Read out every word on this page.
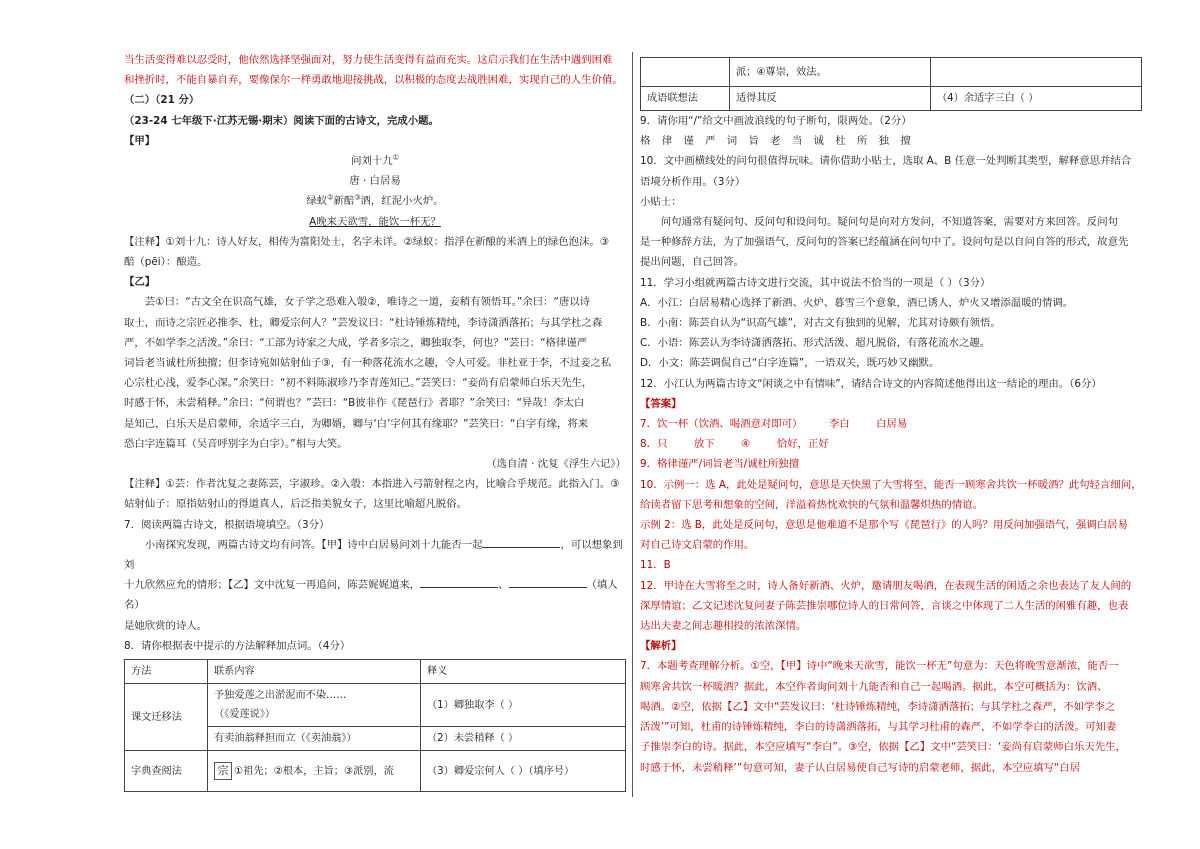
当生活变得难以忍受时，他依然选择坚强面对，努力使生活变得有益而充实。这启示我们在生活中遇到困难

和挫折时，不能自暴自弃，要像保尔一样勇敢地迎接挑战，以积极的态度去战胜困难，实现自己的人生价值。

（二）（21 分）

（23-24 七年级下·江苏无锡·期末）阅读下面的古诗文，完成小题。

【甲】

问刘十九①

唐 · 白居易

绿蚁②新醅③酒，红泥小火炉。

A晚来天欲雪，能饮一杯无？

【注释】①刘十九：诗人好友，相传为富阳处士，名字未详。②绿蚁：指浮在新酿的米酒上的绿色泡沫。③

醅（pēi）：酿造。

【乙】

芸①曰：“古文全在识高气雄，女子学之恐难入彀②，唯诗之一道，妾稍有领悟耳。”余曰：“唐以诗

取士，而诗之宗匠必推李、杜，卿爱宗何人？”芸发议曰：“杜诗锤炼精纯，李诗潇洒落拓；与其学杜之森

严，不如学李之活泼。”余曰：“工部为诗家之大成，学者多宗之，卿独取李，何也？”芸曰：“格律谨严

词旨老当诚杜所独擅；但李诗宛如姑射仙子③，有一种落花流水之趣，令人可爱。非杜亚于李，不过妾之私

心宗杜心浅，爱李心深。”余笑曰：“初不料陈淑珍乃李青莲知己。”芸笑曰：“妾尚有启蒙师白乐天先生，

时感于怀，未尝稍释。”余曰：“何谓也？”芸曰：“B彼非作《琵琶行》者耶？”余笑曰：“异哉！李太白

是知己，白乐天是启蒙师，余适字三白，为卿婿，卿与‘白’字何其有缘耶？”芸笑曰：“白字有缘，将来

恐白字连篇耳（吴音呼别字为白字）。”相与大笑。

（选自清 · 沈复《浮生六记》）

【注释】①芸：作者沈复之妻陈芸，字淑珍。②入彀：本指进入弓箭射程之内，比喻合乎规范。此指入门。③

姑射仙子：原指姑射山的得道真人，后泛指美貌女子，这里比喻超凡脱俗。

7．阅读两篇古诗文，根据语境填空。（3分）

小南探究发现，两篇古诗文均有问答。【甲】诗中白居易问刘十九能否一起	，可以想象到刘

十九欣然应允的情形；【乙】文中沈复一再追问，陈芸娓娓道来，	、	（填人名）

是她欣赏的诗人。

8．请你根据表中提示的方法解释加点词。（4分）

方法	联系内容	释义
课文迁移法	予独爱莲之出淤泥而不染……
（《爱莲说》）	（1）卿独取李（ ）
	有卖油翁释担而立（《卖油翁》）	（2）未尝稍释（ ）
字典查阅法	宗 ①祖先；②根本，主旨；③派别，流	（3）卿爱宗何人（ ）（填序号）
	派；④尊崇，效法。	
成语联想法	适得其反	（4）余适字三白（ ）

9．请你用“/”给文中画波浪线的句子断句，限两处。（2分）

格 律 谨 严 词 旨 老 当 诚 杜 所 独 擅

10．文中画横线处的问句很值得玩味。请你借助小贴士，选取 A、B 任意一处判断其类型，解释意思并结合

语境分析作用。（3分）

小贴士：

问句通常有疑问句、反问句和设问句。疑问句是向对方发问，不知道答案，需要对方来回答。反问句

是一种修辞方法，为了加强语气，反问句的答案已经蕴涵在问句中了。设问句是以自问自答的形式，故意先

提出问题，自己回答。

11．学习小组就两篇古诗文进行交流，其中说法不恰当的一项是（ ）（3分）

A．小江：白居易精心选择了新酒、火炉、暮雪三个意象，酒已诱人，炉火又增添温暖的情调。

B．小南：陈芸自认为“识高气雄”，对古文有独到的见解，尤其对诗颇有领悟。

C．小语：陈芸认为李诗潇洒落拓、形式活泼、超凡脱俗，有落花流水之趣。

D．小文：陈芸调侃自己“白字连篇”，一语双关，既巧妙又幽默。

12．小江认为两篇古诗文“闲谈之中有情味”，请结合诗文的内容简述他得出这一结论的理由。（6分）

【答案】

7．饮一杯（饮酒、喝酒意对即可）        李白        白居易

8．只        放下        ④        恰好，正好

9．格律谨严/词旨老当/诚杜所独擅

10．示例一：选 A，此处是疑问句，意思是天快黑了大雪将至，能否一顾寒舍共饮一杯暖酒？此句轻言细问，

给读者留下思考和想象的空间，洋溢着热忱欢快的气氛和温馨炽热的情谊。

示例 2：选 B，此处是反问句，意思是他难道不是那个写《琵琶行》的人吗？用反问加强语气，强调白居易

对自己诗文启蒙的作用。

11．B

12．甲诗在大雪将至之时，诗人备好新酒、火炉，邀请朋友喝酒，在表现生活的闲适之余也表达了友人间的

深厚情谊；乙文记述沈复问妻子陈芸推崇哪位诗人的日常问答，言谈之中体现了二人生活的闲雅有趣，也表

达出夫妻之间志趣相投的浓浓深情。

【解析】

7．本题考查理解分析。①空，【甲】诗中“晚来天欲雪，能饮一杯无”句意为：天色将晚雪意渐浓，能否一

顾寒舍共饮一杯暖酒？据此，本空作者询问刘十九能否和自己一起喝酒。据此，本空可概括为：饮酒、

喝酒。②空，依据【乙】文中“芸发议曰：‘杜诗锤炼精纯，李诗潇洒落拓；与其学杜之森严，不如学李之

活泼’”可知，杜甫的诗锤炼精纯，李白的诗潇洒落拓，与其学习杜甫的森严，不如学李白的活泼。可知妻

子推崇李白的诗。据此，本空应填写“李白”。③空，依据【乙】文中“芸笑曰：‘妾尚有启蒙师白乐天先生，

时感于怀，未尝稍释’”句意可知，妻子认白居易使自己写诗的启蒙老师，据此，本空应填写“白居
